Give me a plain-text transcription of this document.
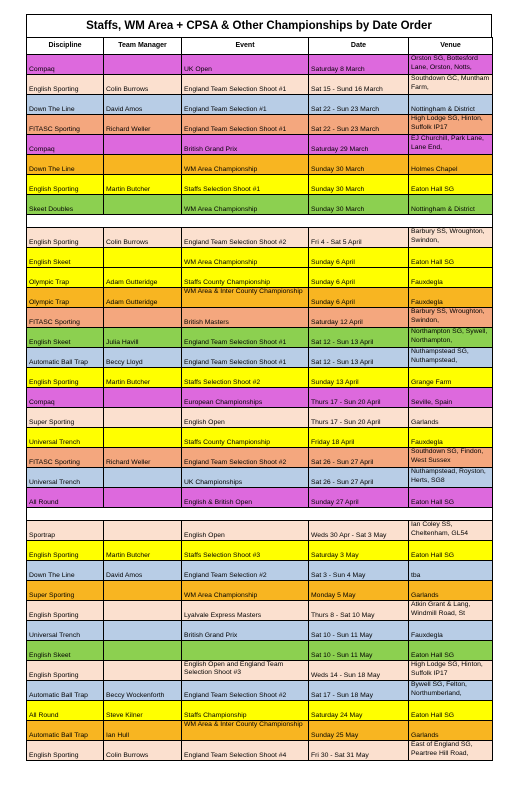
Staffs, WM Area + CPSA & Other Championships by Date Order
Discipline	Team Manager	Event	Date	Venue
Compaq		UK Open	Saturday 8 March	Orston SG, Bottesford Lane, Orston, Notts,
English Sporting	Colin Burrows	England Team Selection Shoot #1	Sat 15 - Sund 16 March	Southdown GC, Muntham Farm,
Down The Line	David Amos	England Team Selection #1	Sat 22 - Sun 23 March	Nottingham & District
FITASC Sporting	Richard Weller	England Team Selection Shoot #1	Sat 22 - Sun 23 March	High Lodge SG, Hinton, Suffolk IP17
Compaq		British Grand Prix	Saturday 29 March	EJ Churchill, Park Lane, Lane End,
Down The Line		WM Area Championship	Sunday 30 March	Holmes Chapel
English Sporting	Martin Butcher	Staffs Selection Shoot #1	Sunday 30 March	Eaton Hall SG
Skeet Doubles		WM Area Championship	Sunday 30 March	Nottingham & District

English Sporting	Colin Burrows	England Team Selection Shoot #2	Fri 4 - Sat 5 April	Barbury SS, Wroughton, Swindon,
English Skeet		WM Area Championship	Sunday 6 April	Eaton Hall SG
Olympic Trap	Adam Gutteridge	Staffs County Championship	Sunday 6 April	Fauxdegla
Olympic Trap	Adam Gutteridge	WM Area & Inter County Championship	Sunday 6 April	Fauxdegla
FITASC Sporting		British Masters	Saturday 12 April	Barbury SS, Wroughton, Swindon,
English Skeet	Julia Havill	England Team Selection Shoot #1	Sat 12 - Sun 13 April	Northampton SG, Sywell, Northampton,
Automatic Ball Trap	Beccy Lloyd	England Team Selection Shoot #1	Sat 12 - Sun 13 April	Nuthampstead SG, Nuthampstead,
English Sporting	Martin Butcher	Staffs Selection Shoot #2	Sunday 13 April	Grange Farm
Compaq		European Championships	Thurs 17 - Sun 20 April	Seville, Spain
Super Sporting		English Open	Thurs 17 - Sun 20 April	Garlands
Universal Trench		Staffs County Championship	Friday 18 April	Fauxdegla
FITASC Sporting	Richard Weller	England Team Selection Shoot #2	Sat 26 - Sun 27 April	Southdown SG, Findon, West Sussex
Universal Trench		UK Championships	Sat 26 - Sun 27 April	Nuthampstead, Royston, Herts, SG8
All Round		English & British Open	Sunday 27 April	Eaton Hall SG

Sportrap		English Open	Weds 30 Apr - Sat 3 May	Ian Coley SS, Cheltenham, GL54
English Sporting	Martin Butcher	Staffs Selection Shoot #3	Saturday 3 May	Eaton Hall SG
Down The Line	David Amos	England Team Selection #2	Sat 3 - Sun 4 May	tba
Super Sporting		WM Area Championship	Monday 5 May	Garlands
English Sporting		Lyalvale Express Masters	Thurs 8 - Sat 10 May	Atkin Grant & Lang, Windmill Road, St
Universal Trench		British Grand Prix	Sat 10 - Sun 11 May	Fauxdegla
English Skeet			Sat 10 - Sun 11 May	Eaton Hall SG
English Sporting		English Open and England Team Selection Shoot #3	Weds 14 - Sun 18 May	High Lodge SG, Hinton, Suffolk IP17
Automatic Ball Trap	Beccy Wockenforth	England Team Selection Shoot #2	Sat 17 - Sun 18 May	Bywell SG, Felton, Northumberland,
All Round	Steve Kilner	Staffs Championship	Saturday 24 May	Eaton Hall SG
Automatic Ball Trap	Ian Hull	WM Area & Inter County Championship	Sunday 25 May	Garlands
English Sporting	Colin Burrows	England Team Selection Shoot #4	Fri 30 - Sat 31 May	East of England SG, Peartree Hill Road,
